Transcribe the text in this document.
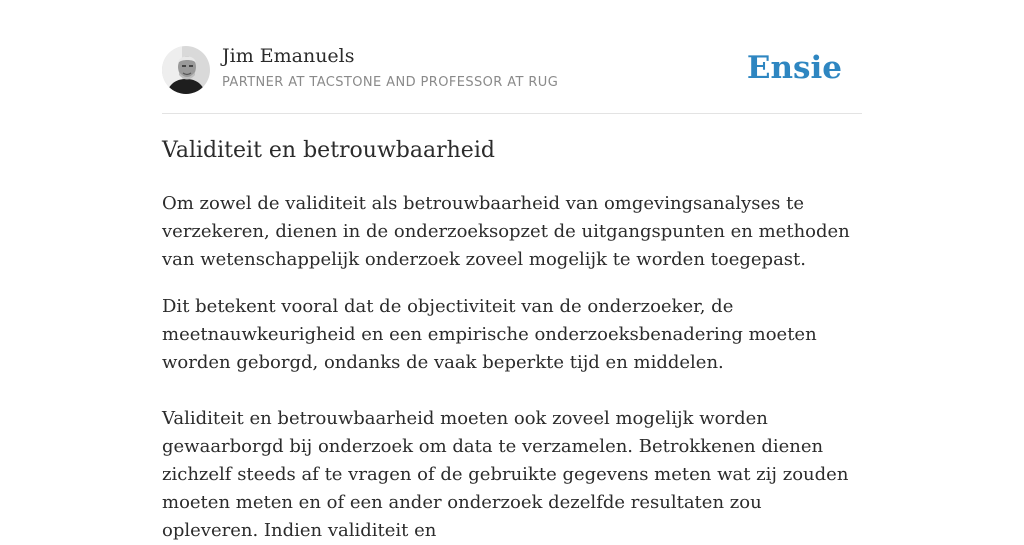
Jim Emanuels
PARTNER AT TACSTONE AND PROFESSOR AT RUG	Ensie
Validiteit en betrouwbaarheid

Om zowel de validiteit als betrouwbaarheid van omgevingsanalyses te verzekeren, dienen in de onderzoeksopzet de uitgangspunten en methoden van wetenschappelijk onderzoek zoveel mogelijk te worden toegepast.

Dit betekent vooral dat de objectiviteit van de onderzoeker, de meetnauwkeurigheid en een empirische onderzoeksbenadering moeten worden geborgd, ondanks de vaak beperkte tijd en middelen.

Validiteit en betrouwbaarheid moeten ook zoveel mogelijk worden gewaarborgd bij onderzoek om data te verzamelen. Betrokkenen dienen zichzelf steeds af te vragen of de gebruikte gegevens meten wat zij zouden moeten meten en of een ander onderzoek dezelfde resultaten zou opleveren. Indien validiteit en
